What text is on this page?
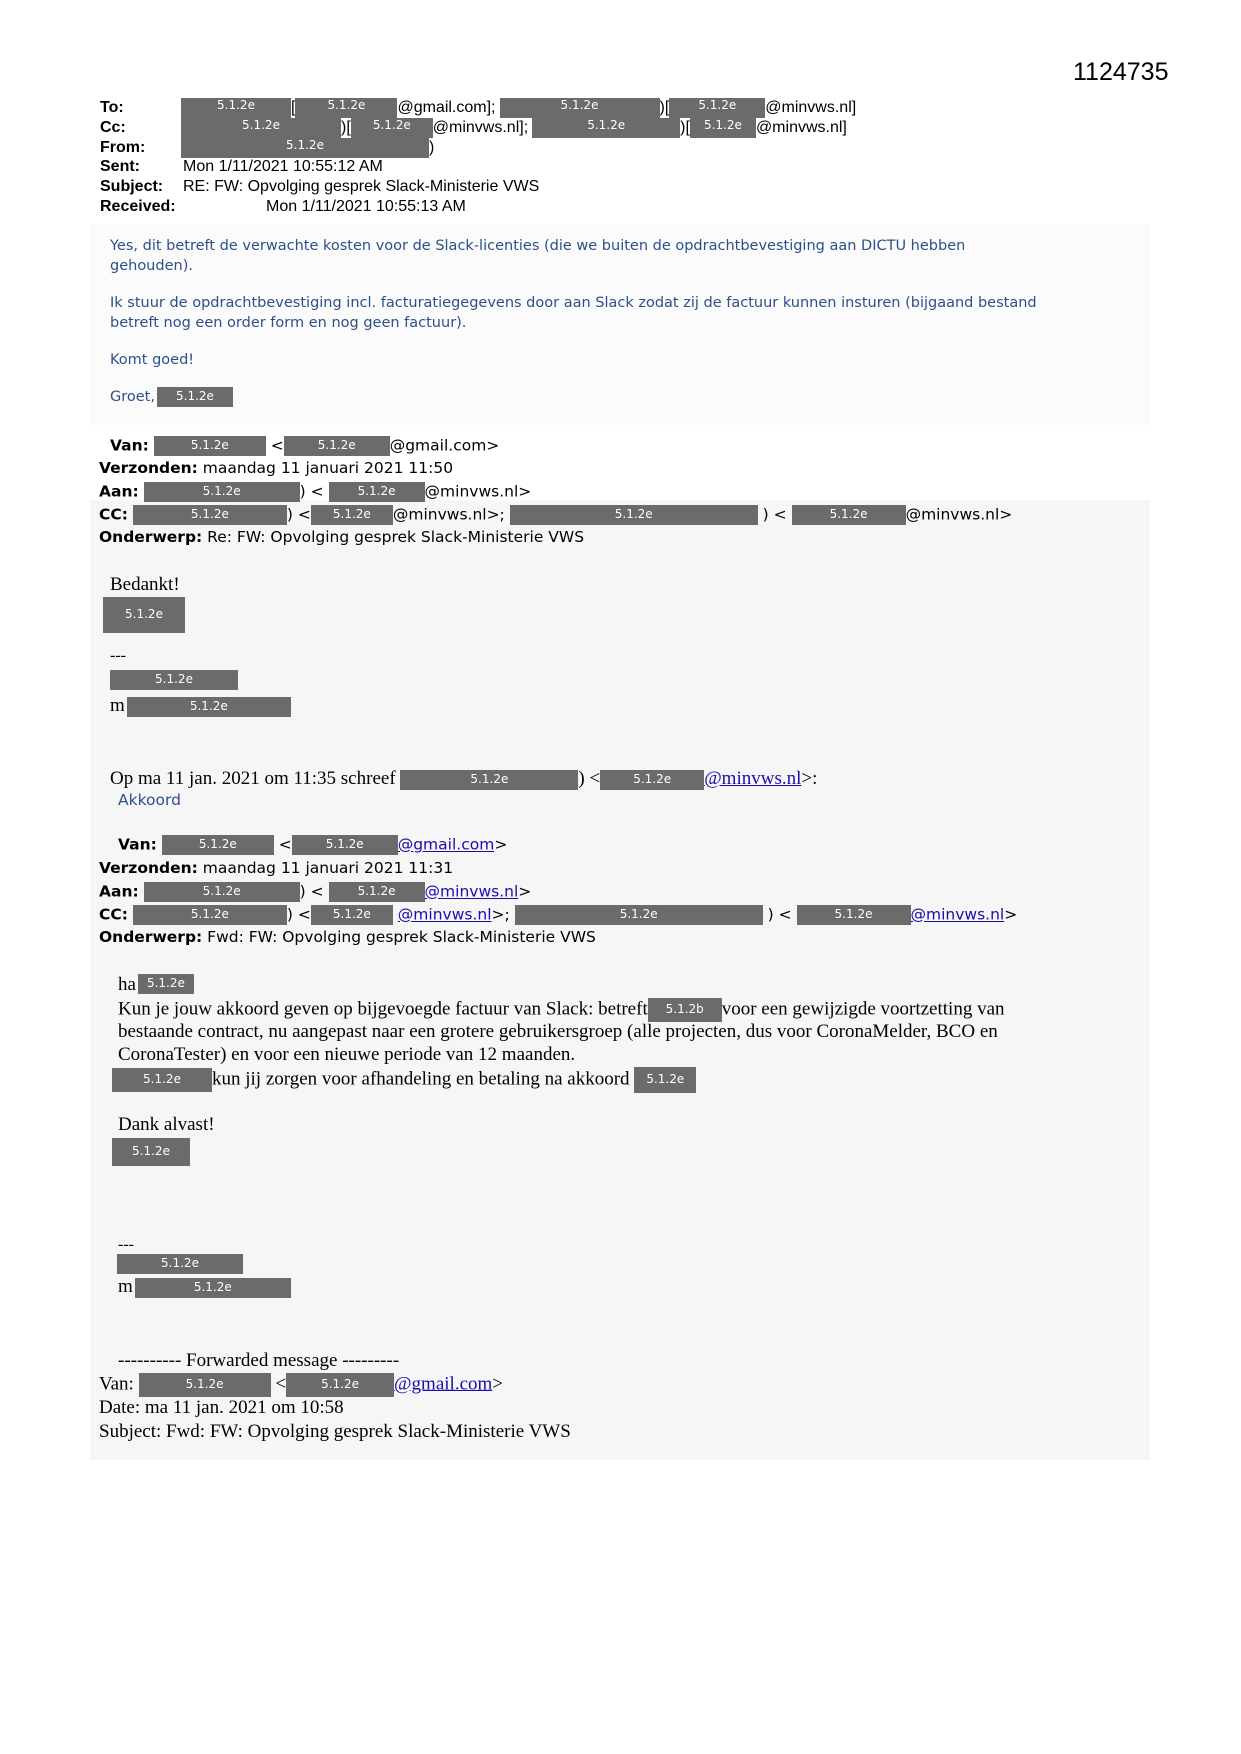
1124735
To:	5.1.2e [	5.1.2e @gmail.com];	5.1.2e	)[ 5.1.2e @minvws.nl]
Cc:	5.1.2e	)[ 5.1.2e @minvws.nl];	5.1.2e	)[ 5.1.2e @minvws.nl]
From:	5.1.2e	)
Sent:	Mon 1/11/2021 10:55:12 AM
Subject: RE: FW: Opvolging gesprek Slack-Ministerie VWS
Received:	Mon 1/11/2021 10:55:13 AM
Yes, dit betreft de verwachte kosten voor de Slack-licenties (die we buiten de opdrachtbevestiging aan DICTU hebben
gehouden).
Ik stuur de opdrachtbevestiging incl. facturatiegegevens door aan Slack zodat zij de factuur kunnen insturen (bijgaand bestand
betreft nog een order form en nog geen factuur).
Komt goed!
Groet, 5.1.2e
Van:	5.1.2e	<	5.1.2e @gmail.com>
Verzonden: maandag 11 januari 2021 11:50
Aan:	5.1.2e	) <	5.1.2e @minvws.nl>
CC:	5.1.2e	) < 5.1.2e @minvws.nl>;	5.1.2e	) <	5.1.2e @minvws.nl>
Onderwerp: Re: FW: Opvolging gesprek Slack-Ministerie VWS
Bedankt!
5.1.2e
---
5.1.2e
m	5.1.2e
Op ma 11 jan. 2021 om 11:35 schreef	5.1.2e	) <	5.1.2e @minvws.nl>:
Akkoord
Van:	5.1.2e	<	5.1.2e @gmail.com>
Verzonden: maandag 11 januari 2021 11:31
Aan:	5.1.2e	) <	5.1.2e @minvws.nl>
CC:	5.1.2e	) < 5.1.2e @minvws.nl>;	5.1.2e	) <	5.1.2e @minvws.nl>
Onderwerp: Fwd: FW: Opvolging gesprek Slack-Ministerie VWS
ha 5.1.2e
Kun je jouw akkoord geven op bijgevoegde factuur van Slack: betreft 5.1.2b voor een gewijzigde voortzetting van
bestaande contract, nu aangepast naar een grotere gebruikersgroep (alle projecten, dus voor CoronaMelder, BCO en
CoronaTester) en voor een nieuwe periode van 12 maanden.
5.1.2e kun jij zorgen voor afhandeling en betaling na akkoord 5.1.2e
Dank alvast!
5.1.2e
---
5.1.2e
m	5.1.2e
---------- Forwarded message ---------
Van:	5.1.2e	<	5.1.2e @gmail.com>
Date: ma 11 jan. 2021 om 10:58
Subject: Fwd: FW: Opvolging gesprek Slack-Ministerie VWS
